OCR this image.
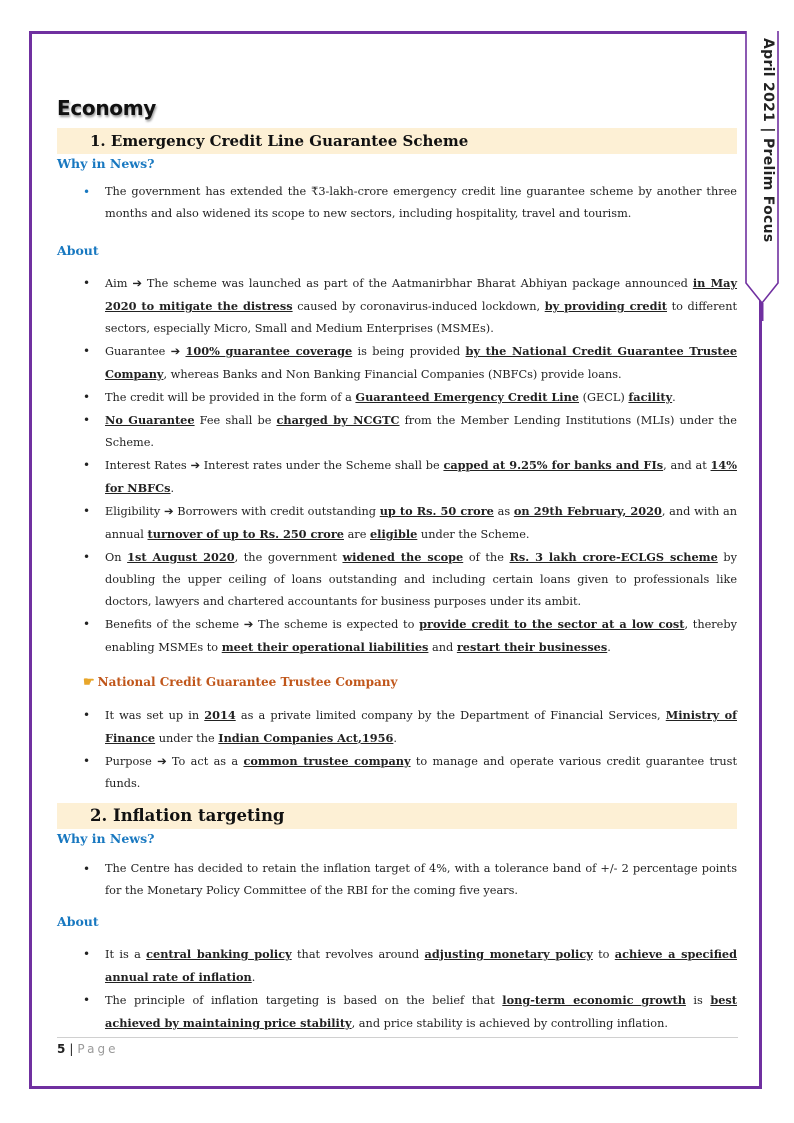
April 2021 | Prelim Focus
Economy
1. Emergency Credit Line Guarantee Scheme
Why in News?
• The government has extended the ₹3-lakh-crore emergency credit line guarantee scheme by another three months and also widened its scope to new sectors, including hospitality, travel and tourism.
About
• Aim ➔ The scheme was launched as part of the Aatmanirbhar Bharat Abhiyan package announced in May 2020 to mitigate the distress caused by coronavirus-induced lockdown, by providing credit to different sectors, especially Micro, Small and Medium Enterprises (MSMEs).
• Guarantee ➔ 100% guarantee coverage is being provided by the National Credit Guarantee Trustee Company, whereas Banks and Non Banking Financial Companies (NBFCs) provide loans.
• The credit will be provided in the form of a Guaranteed Emergency Credit Line (GECL) facility.
• No Guarantee Fee shall be charged by NCGTC from the Member Lending Institutions (MLIs) under the Scheme.
• Interest Rates ➔ Interest rates under the Scheme shall be capped at 9.25% for banks and FIs, and at 14% for NBFCs.
• Eligibility ➔ Borrowers with credit outstanding up to Rs. 50 crore as on 29th February, 2020, and with an annual turnover of up to Rs. 250 crore are eligible under the Scheme.
• On 1st August 2020, the government widened the scope of the Rs. 3 lakh crore-ECLGS scheme by doubling the upper ceiling of loans outstanding and including certain loans given to professionals like doctors, lawyers and chartered accountants for business purposes under its ambit.
• Benefits of the scheme ➔ The scheme is expected to provide credit to the sector at a low cost, thereby enabling MSMEs to meet their operational liabilities and restart their businesses.
☛ National Credit Guarantee Trustee Company
• It was set up in 2014 as a private limited company by the Department of Financial Services, Ministry of Finance under the Indian Companies Act,1956.
• Purpose ➔ To act as a common trustee company to manage and operate various credit guarantee trust funds.
2. Inflation targeting
Why in News?
• The Centre has decided to retain the inflation target of 4%, with a tolerance band of +/- 2 percentage points for the Monetary Policy Committee of the RBI for the coming five years.
About
• It is a central banking policy that revolves around adjusting monetary policy to achieve a specified annual rate of inflation.
• The principle of inflation targeting is based on the belief that long-term economic growth is best achieved by maintaining price stability, and price stability is achieved by controlling inflation.
5 | Page
